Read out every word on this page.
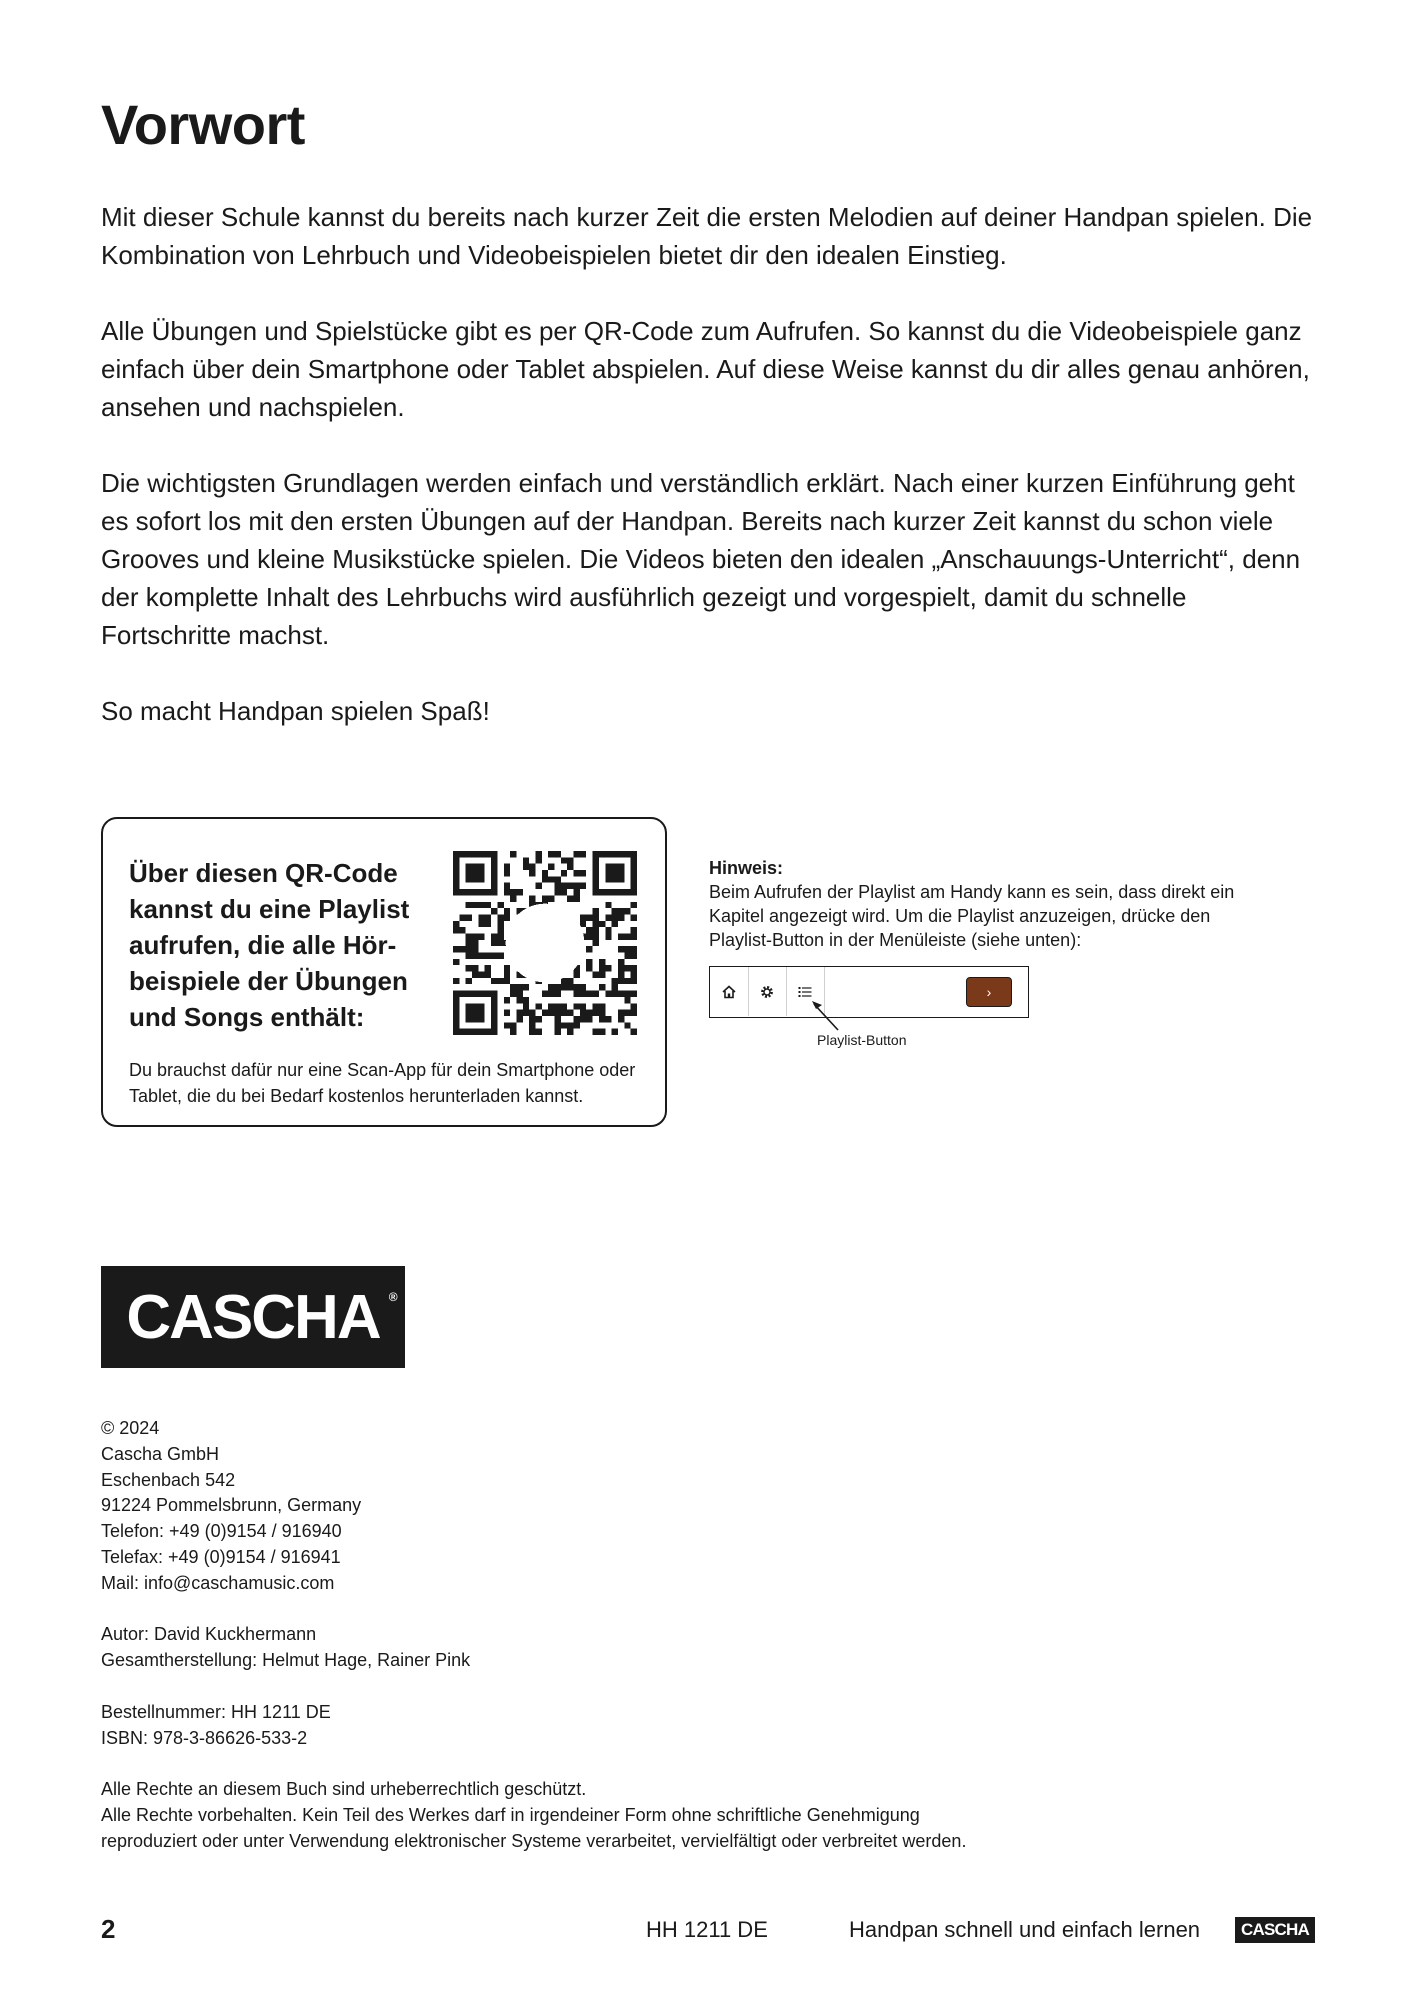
Vorwort

Mit dieser Schule kannst du bereits nach kurzer Zeit die ersten Melodien auf deiner Handpan spielen. Die Kombination von Lehrbuch und Videobeispielen bietet dir den idealen Einstieg.

Alle Übungen und Spielstücke gibt es per QR-Code zum Aufrufen. So kannst du die Videobeispiele ganz einfach über dein Smartphone oder Tablet abspielen. Auf diese Weise kannst du dir alles genau anhören, ansehen und nachspielen.

Die wichtigsten Grundlagen werden einfach und verständlich erklärt. Nach einer kurzen Einführung geht es sofort los mit den ersten Übungen auf der Handpan. Bereits nach kurzer Zeit kannst du schon viele Grooves und kleine Musikstücke spielen. Die Videos bieten den idealen „Anschauungs-Unterricht“, denn der komplette Inhalt des Lehrbuchs wird ausführlich gezeigt und vorgespielt, damit du schnelle Fortschritte machst.

So macht Handpan spielen Spaß!

Über diesen QR-Code kannst du eine Playlist aufrufen, die alle Hör-beispiele der Übungen und Songs enthält:

Du brauchst dafür nur eine Scan-App für dein Smartphone oder Tablet, die du bei Bedarf kostenlos herunterladen kannst.

Hinweis:

Beim Aufrufen der Playlist am Handy kann es sein, dass direkt ein Kapitel angezeigt wird. Um die Playlist anzuzeigen, drücke den Playlist-Button in der Menüleiste (siehe unten):

›
Playlist-Button
CASCHA ®
© 2024
Cascha GmbH
Eschenbach 542
91224 Pommelsbrunn, Germany
Telefon: +49 (0)9154 / 916940
Telefax: +49 (0)9154 / 916941
Mail: info@caschamusic.com
Autor: David Kuckhermann
Gesamtherstellung: Helmut Hage, Rainer Pink
Bestellnummer: HH 1211 DE
ISBN: 978-3-86626-533-2
Alle Rechte an diesem Buch sind urheberrechtlich geschützt.
Alle Rechte vorbehalten. Kein Teil des Werkes darf in irgendeiner Form ohne schriftliche Genehmigung
reproduziert oder unter Verwendung elektronischer Systeme verarbeitet, vervielfältigt oder verbreitet werden.
2	HH 1211 DE	Handpan schnell und einfach lernen	CASCHA
